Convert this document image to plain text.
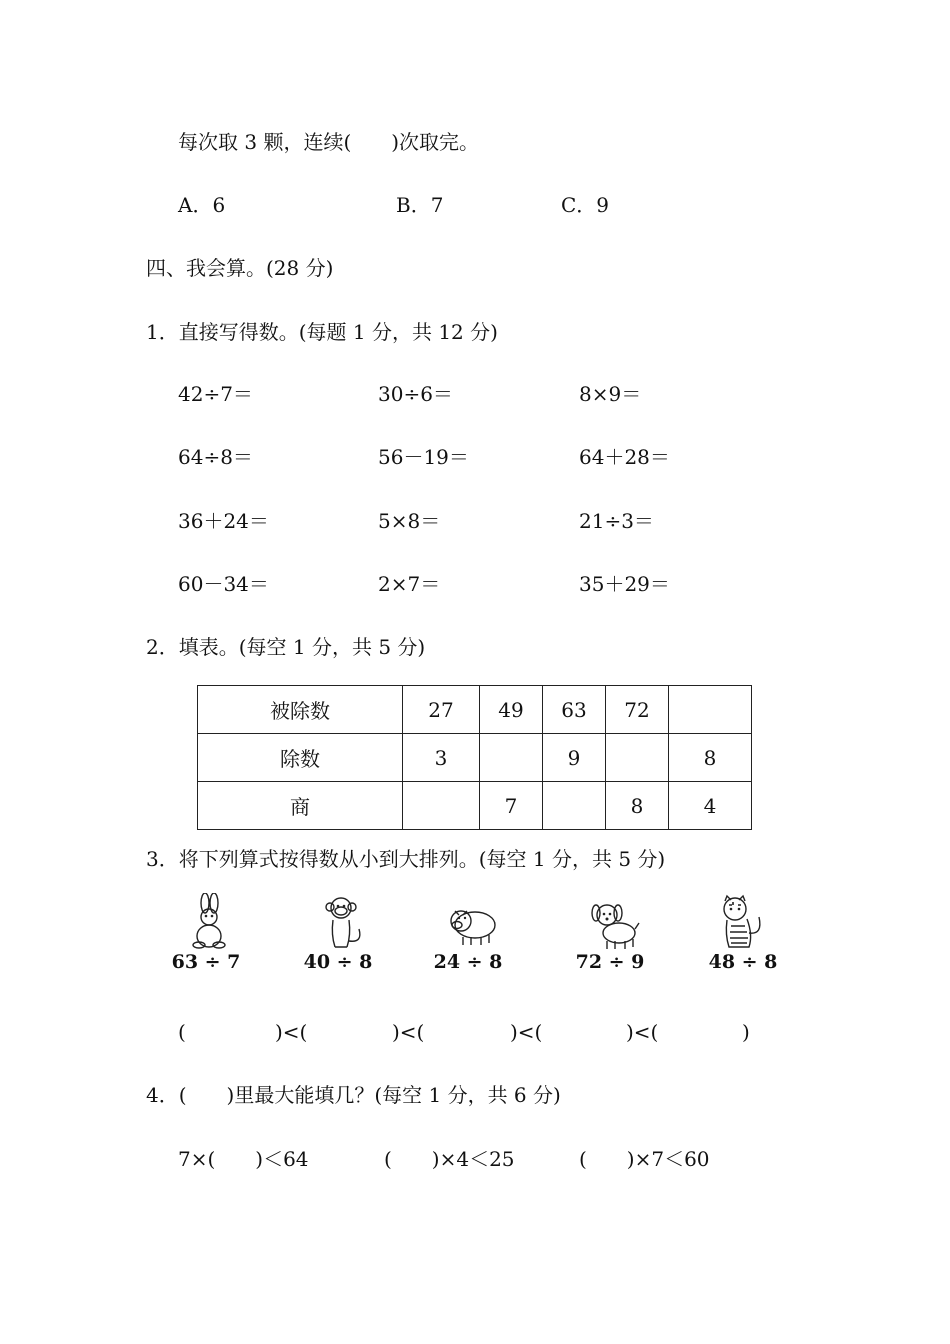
每次取 3 颗，连续(　　)次取完。
A．6	B．7	C．9
四、我会算。(28 分)
1．直接写得数。(每题 1 分，共 12 分)
42÷7＝	30÷6＝	8×9＝
64÷8＝	56－19＝	64＋28＝
36＋24＝	5×8＝	21÷3＝
60－34＝	2×7＝	35＋29＝
2．填表。(每空 1 分，共 5 分)
被除数	27	49	63	72	
除数	3		9		8
商		7		8	4
3．将下列算式按得数从小到大排列。(每空 1 分，共 5 分)
63 ÷ 7	40 ÷ 8	24 ÷ 8	72 ÷ 9	48 ÷ 8
(	)<(	)<(	)<(	)<(	)
4．(　　)里最大能填几？(每空 1 分，共 6 分)
7×(　　)＜64	(　　)×4＜25	(　　)×7＜60
